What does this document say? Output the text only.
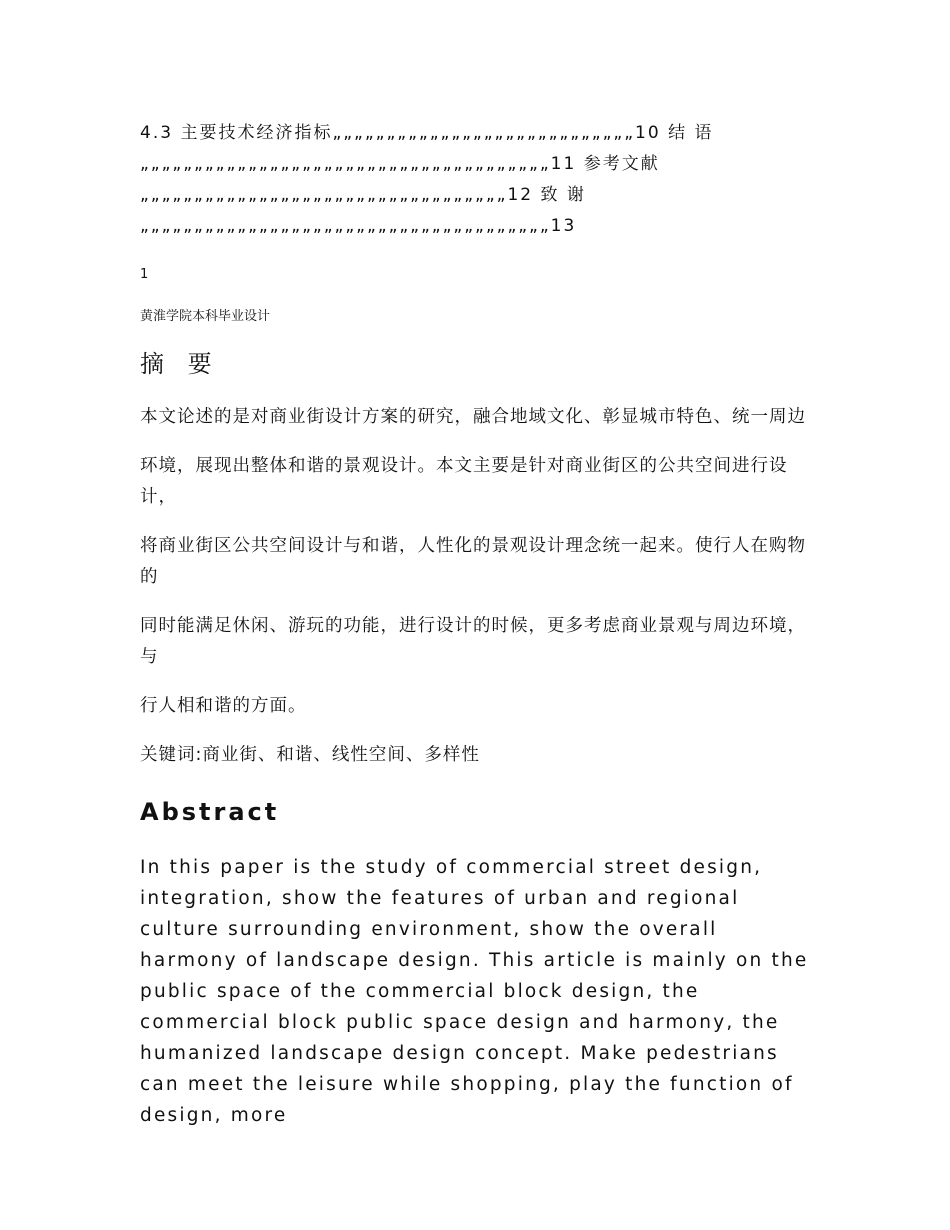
4.3 主要技术经济指标„„„„„„„„„„„„„„„„„„„„„„„„„„„„10 结 语 „„„„„„„„„„„„„„„„„„„„„„„„„„„„„„„„„„„„„„11 参考文献 „„„„„„„„„„„„„„„„„„„„„„„„„„„„„„„„„„12 致 谢 „„„„„„„„„„„„„„„„„„„„„„„„„„„„„„„„„„„„„„13

1
黄淮学院本科毕业设计
摘 要

本文论述的是对商业街设计方案的研究，融合地域文化、彰显城市特色、统一周边

环境，展现出整体和谐的景观设计。本文主要是针对商业街区的公共空间进行设计，

将商业街区公共空间设计与和谐，人性化的景观设计理念统一起来。使行人在购物的

同时能满足休闲、游玩的功能，进行设计的时候，更多考虑商业景观与周边环境，与

行人相和谐的方面。

关键词:商业街、和谐、线性空间、多样性
Abstract
In this paper is the study of commercial street design, integration, show the features of urban and regional culture surrounding environment, show the overall harmony of landscape design. This article is mainly on the public space of the commercial block design, the commercial block public space design and harmony, the humanized landscape design concept. Make pedestrians can meet the leisure while shopping, play the function of design, more
